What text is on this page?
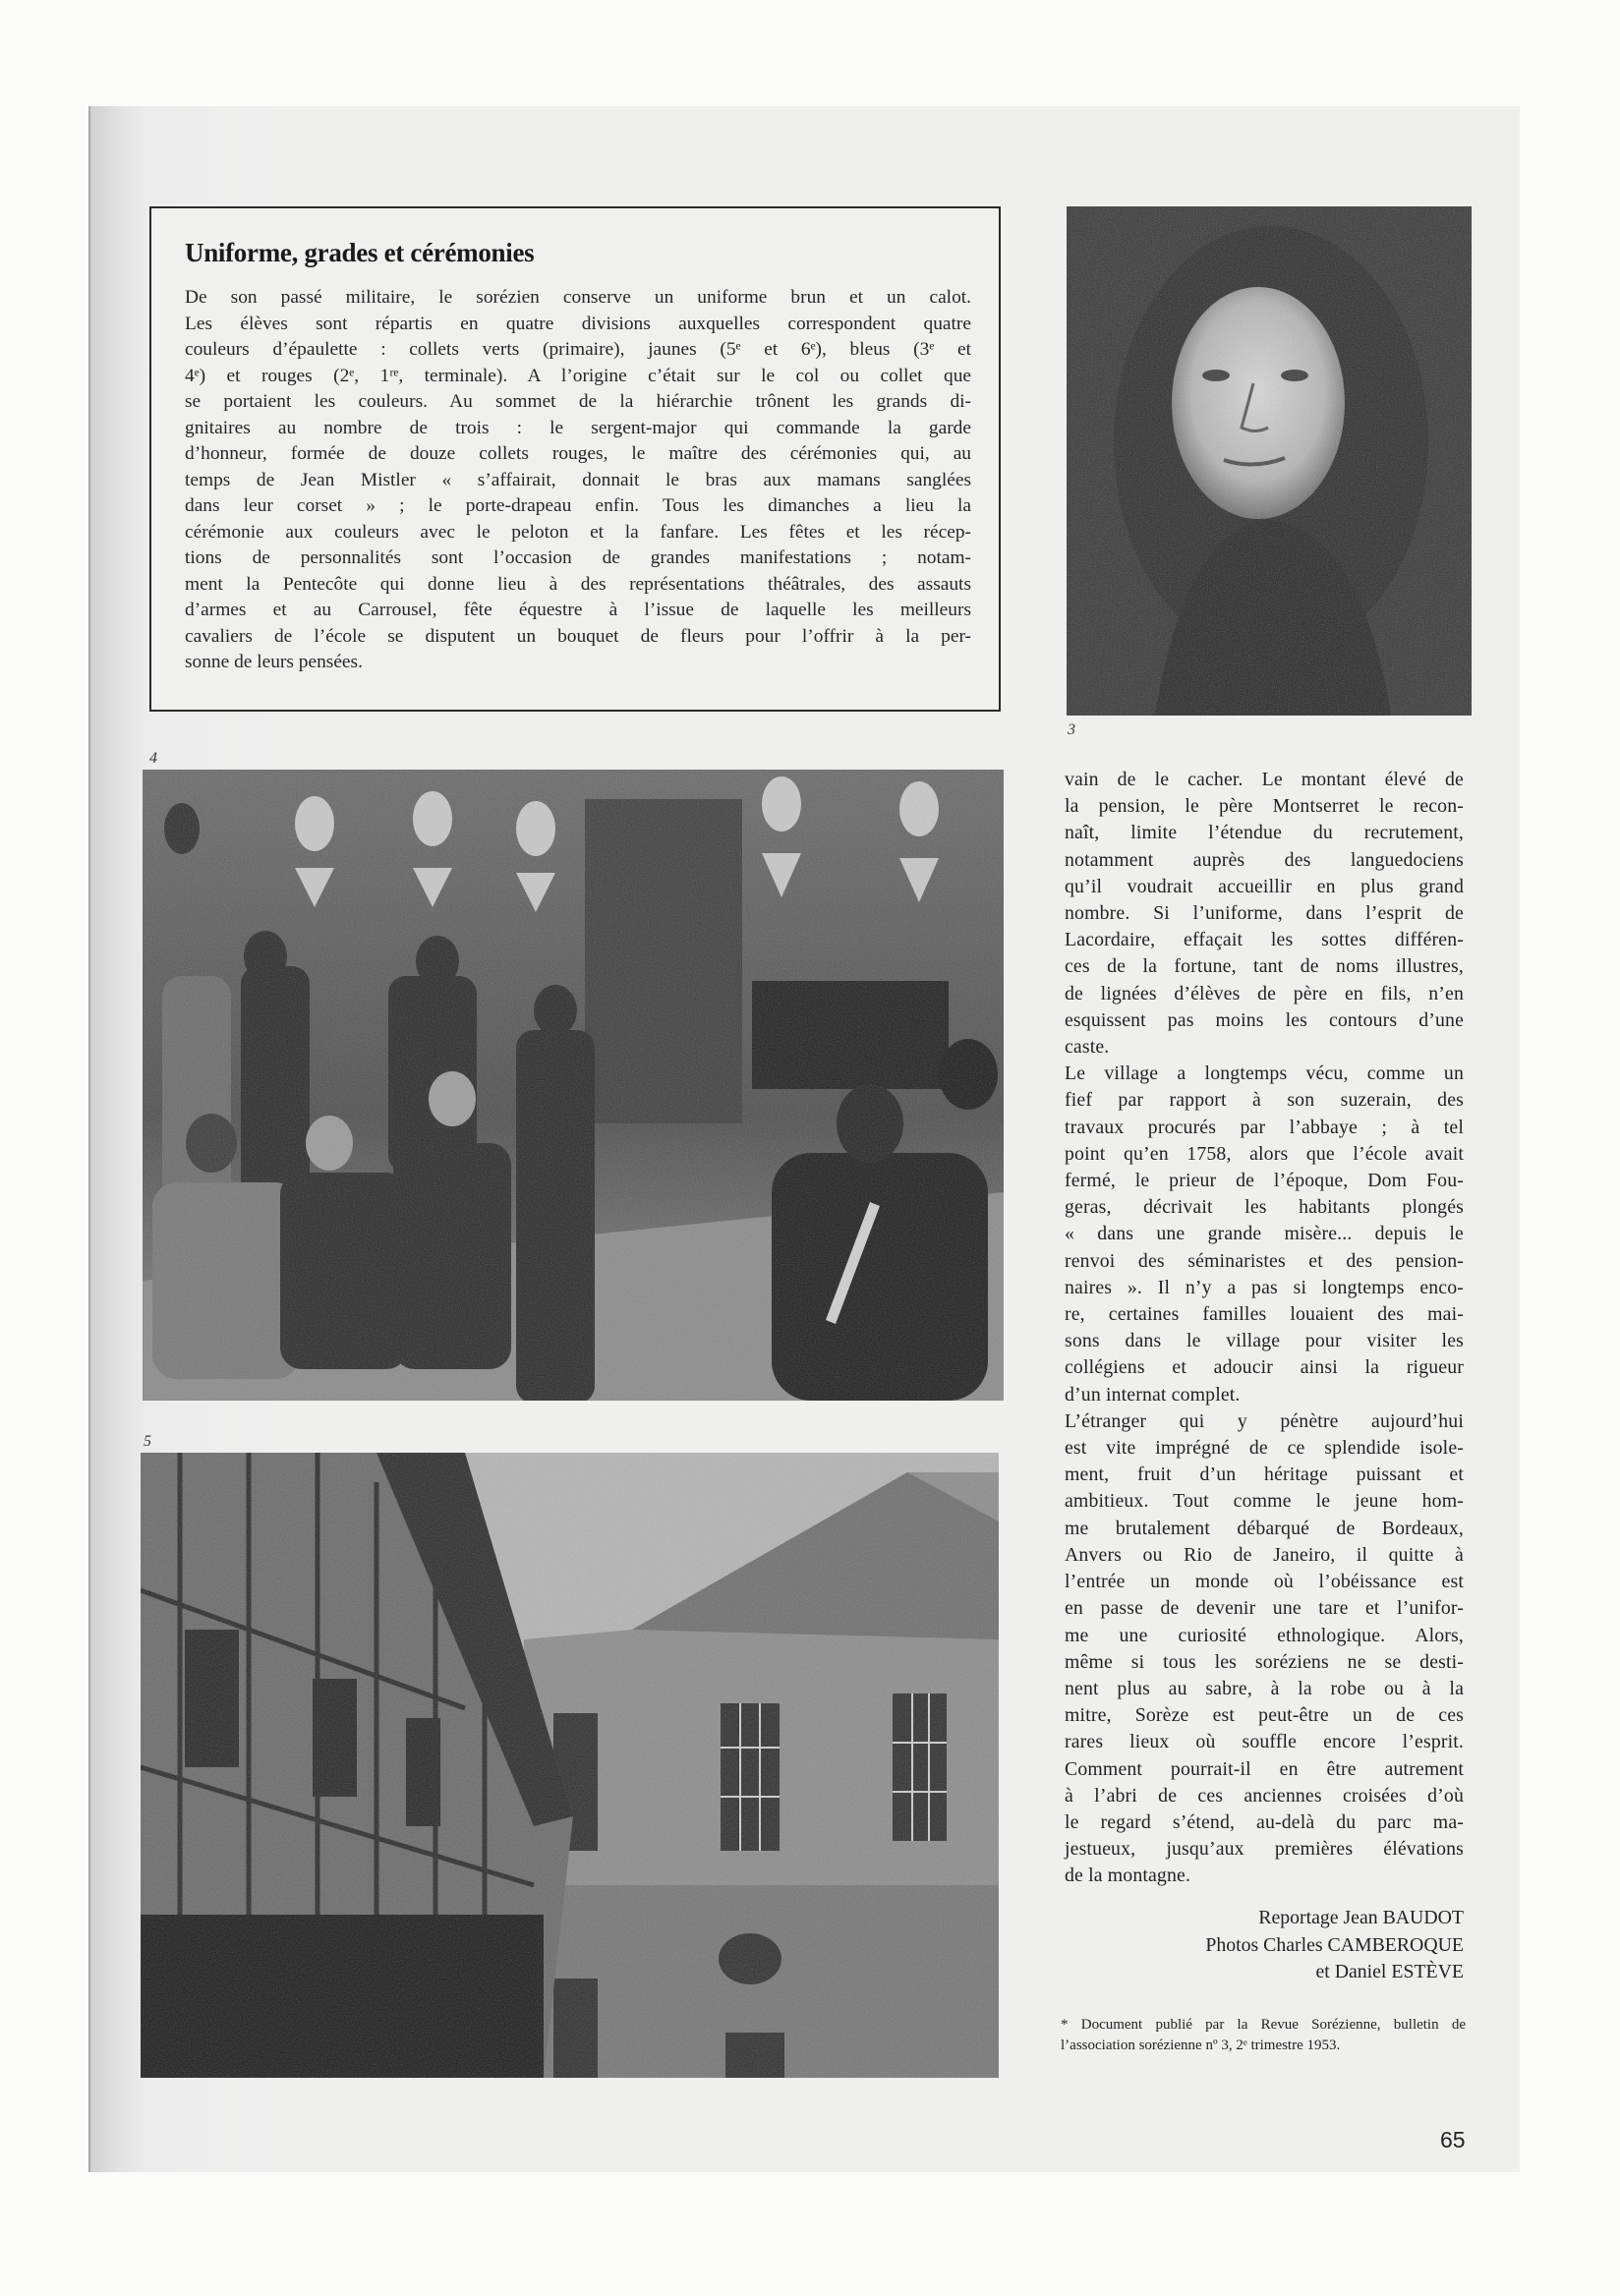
Uniforme, grades et cérémonies
De son passé militaire, le sorézien conserve un uniforme brun et un calot.
Les élèves sont répartis en quatre divisions auxquelles correspondent quatre
couleurs d’épaulette : collets verts (primaire), jaunes (5ᵉ et 6ᵉ), bleus (3ᵉ et
4ᵉ) et rouges (2ᵉ, 1ʳᵉ, terminale). A l’origine c’était sur le col ou collet que
se portaient les couleurs. Au sommet de la hiérarchie trônent les grands di-
gnitaires au nombre de trois : le sergent-major qui commande la garde
d’honneur, formée de douze collets rouges, le maître des cérémonies qui, au
temps de Jean Mistler « s’affairait, donnait le bras aux mamans sanglées
dans leur corset » ; le porte-drapeau enfin. Tous les dimanches a lieu la
cérémonie aux couleurs avec le peloton et la fanfare. Les fêtes et les récep-
tions de personnalités sont l’occasion de grandes manifestations ; notam-
ment la Pentecôte qui donne lieu à des représentations théâtrales, des assauts
d’armes et au Carrousel, fête équestre à l’issue de laquelle les meilleurs
cavaliers de l’école se disputent un bouquet de fleurs pour l’offrir à la per-
sonne de leurs pensées.
3
4
5
vain de le cacher. Le montant élevé de
la pension, le père Montserret le recon-
naît, limite l’étendue du recrutement,
notamment auprès des languedociens
qu’il voudrait accueillir en plus grand
nombre. Si l’uniforme, dans l’esprit de
Lacordaire, effaçait les sottes différen-
ces de la fortune, tant de noms illustres,
de lignées d’élèves de père en fils, n’en
esquissent pas moins les contours d’une
caste.
Le village a longtemps vécu, comme un
fief par rapport à son suzerain, des
travaux procurés par l’abbaye ; à tel
point qu’en 1758, alors que l’école avait
fermé, le prieur de l’époque, Dom Fou-
geras, décrivait les habitants plongés
« dans une grande misère... depuis le
renvoi des séminaristes et des pension-
naires ». Il n’y a pas si longtemps enco-
re, certaines familles louaient des mai-
sons dans le village pour visiter les
collégiens et adoucir ainsi la rigueur
d’un internat complet.
L’étranger qui y pénètre aujourd’hui
est vite imprégné de ce splendide isole-
ment, fruit d’un héritage puissant et
ambitieux. Tout comme le jeune hom-
me brutalement débarqué de Bordeaux,
Anvers ou Rio de Janeiro, il quitte à
l’entrée un monde où l’obéissance est
en passe de devenir une tare et l’unifor-
me une curiosité ethnologique. Alors,
même si tous les soréziens ne se desti-
nent plus au sabre, à la robe ou à la
mitre, Sorèze est peut-être un de ces
rares lieux où souffle encore l’esprit.
Comment pourrait-il en être autrement
à l’abri de ces anciennes croisées d’où
le regard s’étend, au-delà du parc ma-
jestueux, jusqu’aux premières élévations
de la montagne.
Reportage Jean BAUDOT
Photos Charles CAMBEROQUE
et Daniel ESTÈVE
* Document publié par la Revue Sorézienne, bulletin de l’association sorézienne nº 3, 2ᵉ trimestre 1953.
65
